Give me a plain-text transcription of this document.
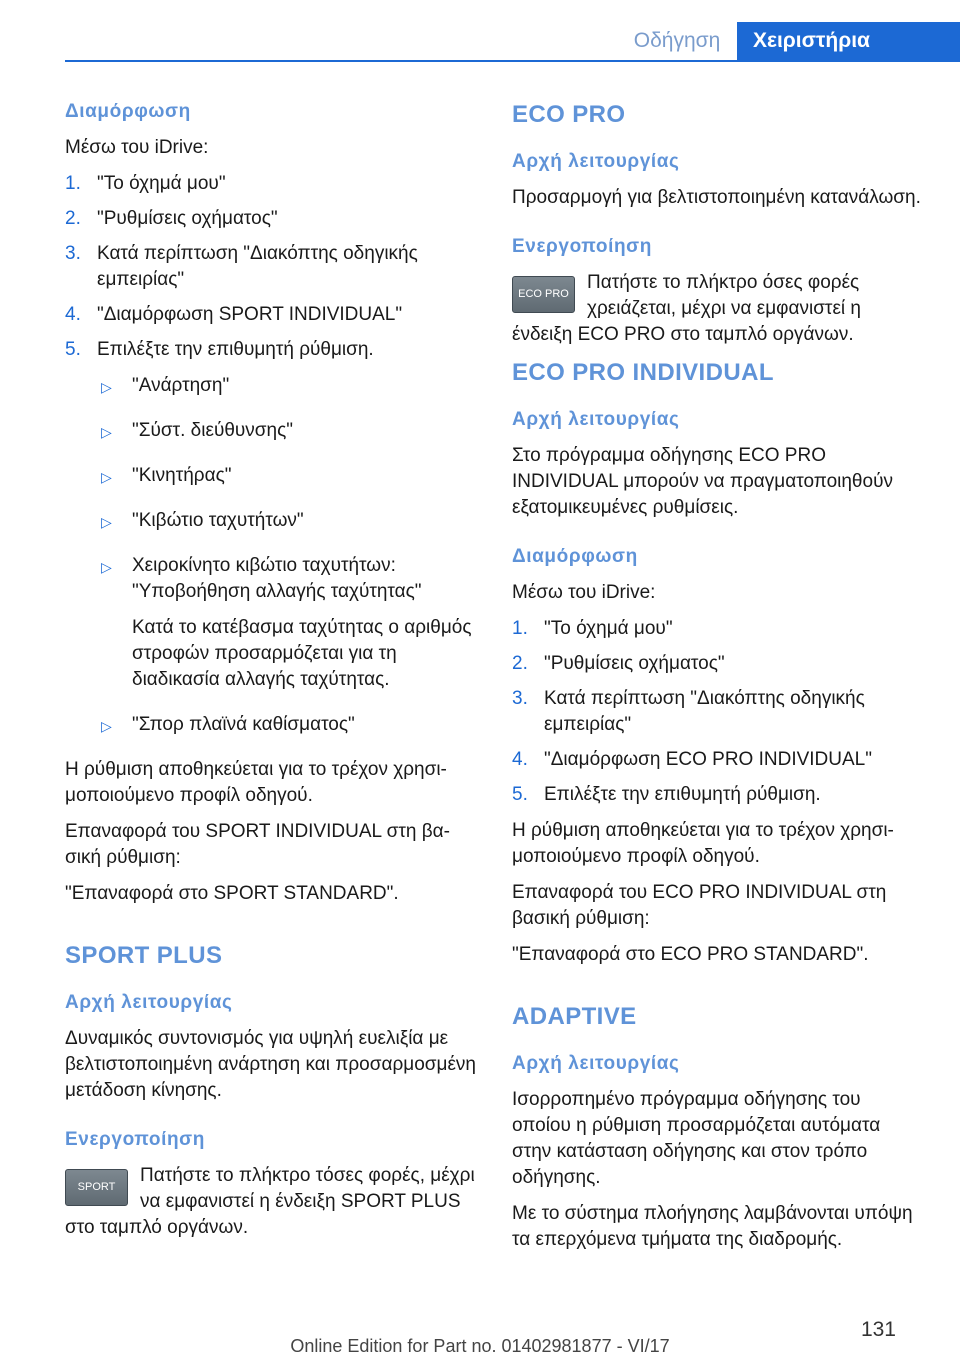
Οδήγηση	Χειριστήρια
Διαμόρφωση
Μέσω του iDrive:
1. "Το όχημά μου"
2. "Ρυθμίσεις οχήματος"
3. Κατά περίπτωση "Διακόπτης οδηγικής εμπειρίας"
4. "Διαμόρφωση SPORT INDIVIDUAL"
5. Επιλέξτε την επιθυμητή ρύθμιση.
▷ "Ανάρτηση"
▷ "Σύστ. διεύθυνσης"
▷ "Κινητήρας"
▷ "Κιβώτιο ταχυτήτων"
▷ Χειροκίνητο κιβώτιο ταχυτήτων: "Υποβοήθηση αλλαγής ταχύτητας"
Κατά το κατέβασμα ταχύτητας ο αριθμός στροφών προσαρμόζεται για τη διαδικασία αλλαγής ταχύτητας.
▷ "Σπορ πλαϊνά καθίσματος"
Η ρύθμιση αποθηκεύεται για το τρέχον χρησιμοποιούμενο προφίλ οδηγού.
Επαναφορά του SPORT INDIVIDUAL στη βασική ρύθμιση:
"Επαναφορά στο SPORT STANDARD".
SPORT PLUS
Αρχή λειτουργίας
Δυναμικός συντονισμός για υψηλή ευελιξία με βελτιστοποιημένη ανάρτηση και προσαρμοσμένη μετάδοση κίνησης.
Ενεργοποίηση
SPORT
Πατήστε το πλήκτρο τόσες φορές, μέχρι να εμφανιστεί η ένδειξη SPORT PLUS στο ταμπλό οργάνων.
ECO PRO
Αρχή λειτουργίας
Προσαρμογή για βελτιστοποιημένη κατανάλωση.
Ενεργοποίηση
ECO PRO
Πατήστε το πλήκτρο όσες φορές χρειάζεται, μέχρι να εμφανιστεί η ένδειξη ECO PRO στο ταμπλό οργάνων.
ECO PRO INDIVIDUAL
Αρχή λειτουργίας
Στο πρόγραμμα οδήγησης ECO PRO INDIVIDUAL μπορούν να πραγματοποιηθούν εξατομικευμένες ρυθμίσεις.
Διαμόρφωση
Μέσω του iDrive:
1. "Το όχημά μου"
2. "Ρυθμίσεις οχήματος"
3. Κατά περίπτωση "Διακόπτης οδηγικής εμπειρίας"
4. "Διαμόρφωση ECO PRO INDIVIDUAL"
5. Επιλέξτε την επιθυμητή ρύθμιση.
Η ρύθμιση αποθηκεύεται για το τρέχον χρησιμοποιούμενο προφίλ οδηγού.
Επαναφορά του ECO PRO INDIVIDUAL στη βασική ρύθμιση:
"Επαναφορά στο ECO PRO STANDARD".
ADAPTIVE
Αρχή λειτουργίας
Ισορροπημένο πρόγραμμα οδήγησης του οποίου η ρύθμιση προσαρμόζεται αυτόματα στην κατάσταση οδήγησης και στον τρόπο οδήγησης.
Με το σύστημα πλοήγησης λαμβάνονται υπόψη τα επερχόμενα τμήματα της διαδρομής.
131
Online Edition for Part no. 01402981877 - VI/17
